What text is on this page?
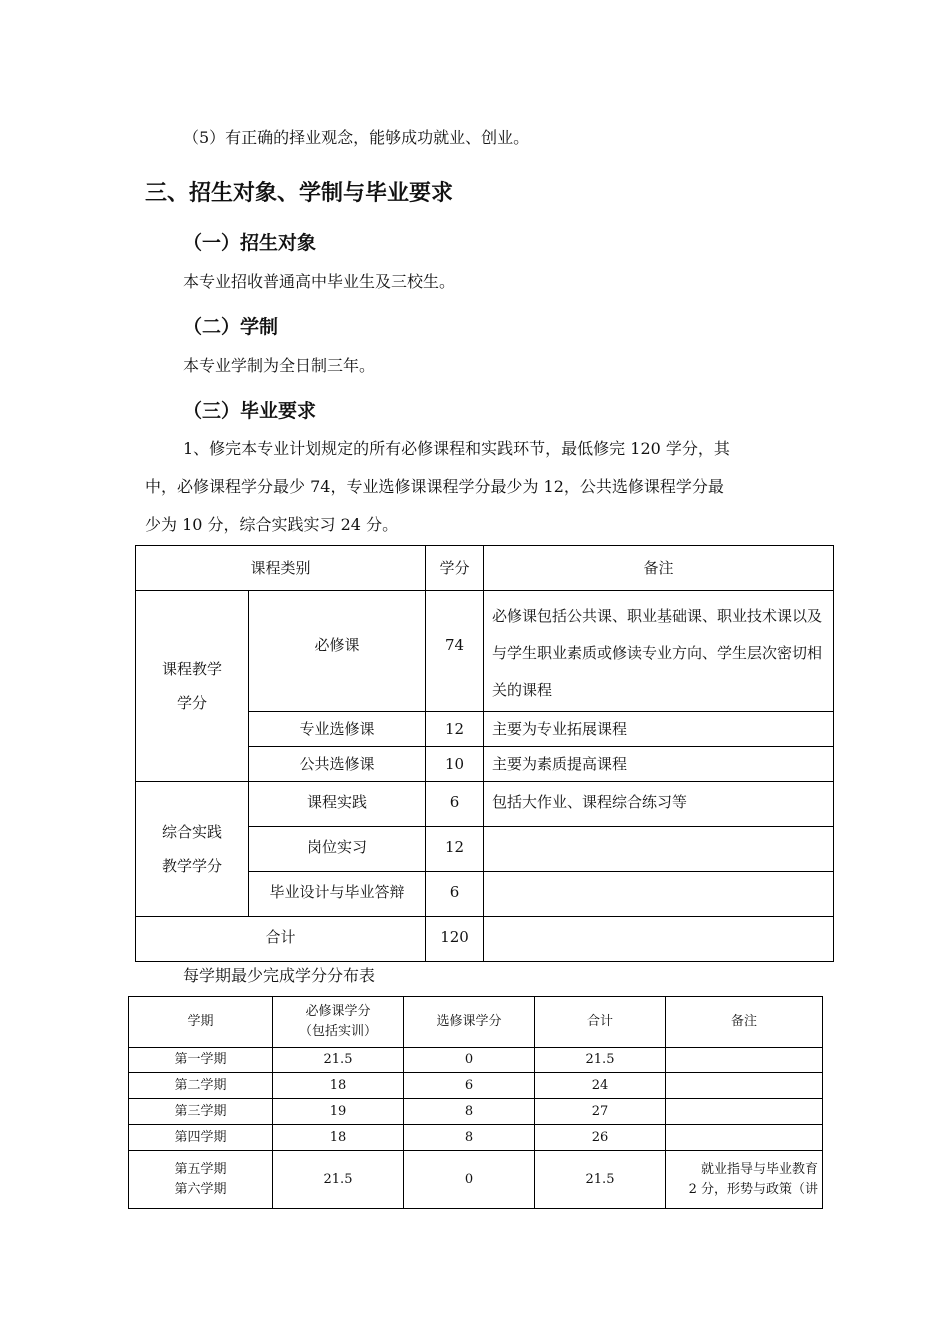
（5）有正确的择业观念，能够成功就业、创业。
三、招生对象、学制与毕业要求
（一）招生对象
本专业招收普通高中毕业生及三校生。
（二）学制
本专业学制为全日制三年。
（三）毕业要求
1、修完本专业计划规定的所有必修课程和实践环节，最低修完 120 学分，其
中，必修课程学分最少 74，专业选修课课程学分最少为 12，公共选修课程学分最
少为 10 分，综合实践实习 24 分。
课程类别		学分	备注

课程教学学分	必修课	74	必修课包括公共课、职业基础课、职业技术课以及与学生职业素质或修读专业方向、学生层次密切相关的课程

	专业选修课	12	主要为专业拓展课程
	公共选修课	10	主要为素质提高课程

综合实践教学学分	课程实践	6	包括大作业、课程综合练习等
	岗位实习	12	
	毕业设计与毕业答辩	6	
合计		120	
每学期最少完成学分分布表
学期	必修课学分
（包括实训）	选修课学分	合计	备注
第一学期	21.5	0	21.5	
第二学期	18	6	24	
第三学期	19	8	27	
第四学期	18	8	26	

第五学期
第六学期	21.5	0	21.5	就业指导与毕业教育
2 分，形势与政策（讲
